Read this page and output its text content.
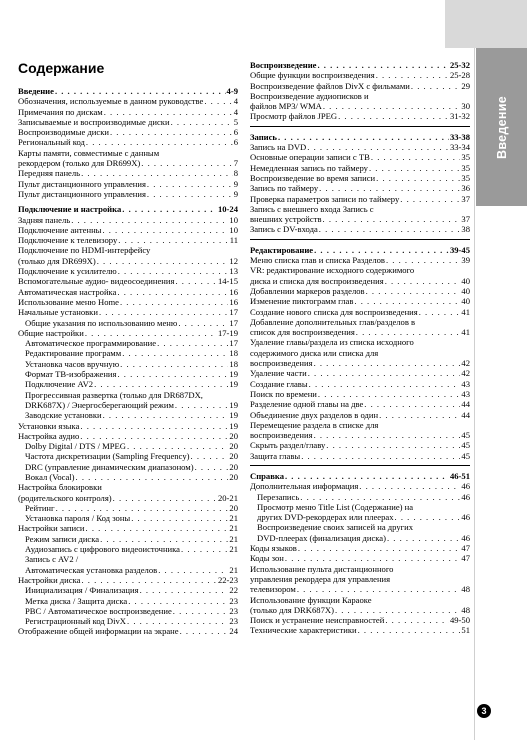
Введение
Содержание
Введение . . .	4-9
Обозначения, используемые в данном руководстве . . .	4
Примечания по дискам . . .	4
Записываемые и воспроизводимые диски . . .	5
Воспроизводимые диски . . .	6
Региональный код . . .	6
Карты памяти, совместимые с данным
рекордером (только для DR699X) . . .	7
Передняя панель . . .	8
Пульт дистанционного управления . . .	9
Пульт дистанционного управления . . .	9
Подключение и настройка . . .	10-24
Задняя панель . . .	10
Подключение антенны . . .	10
Подключение к телевизору . . .	11
Подключение по HDMI-интерфейсу
(только для DR699X) . . .	12
Подключение к усилителю . . .	13
Вспомогательные аудио- видеосоединения . . .	14-15
Автоматическая настройка . . .	16
Использование меню Home . . .	16
Начальные установки . . .	17
Общие указания по использованию меню . . .	17
Общие настройки . . .	17-19
Автоматическое программирование . . .	17
Редактирование программ . . .	18
Установка часов вручную . . .	18
Формат ТВ-изображения . . .	19
Подключение AV2 . . .	19
Прогрессивная развертка (только для DR687DX,
DRK687X) / Энергосберегающий режим . . .	19
Заводские установки . . .	19
Установки языка . . .	19
Настройка аудио . . .	20
Dolby Digital / DTS / MPEG . . .	20
Частота дискретизации (Sampling Frequency) . . .	20
DRC (управление динамическим диапазоном) . . .	20
Вокал (Vocal) . . .	20
Настройка блокировки
(родительского контроля) . . .	20-21
Рейтинг . . .	20
Установка пароля / Код зоны . . .	21
Настройки записи . . .	21
Режим записи диска . . .	21
Аудиозапись с цифрового видеоисточника . . .	21
Запись с AV2 /
Автоматическая установка разделов . . .	21
Настройки диска . . .	22-23
Инициализация / Финализация . . .	22
Метка диска / Защита диска . . .	23
PBC / Автоматическое воспроизведение . . .	23
Регистрационный код DivX . . .	23
Отображение общей информации на экране . . .	24
Воспроизведение . . .	25-32
Общие функции воспроизведения . . .	25-28
Воспроизведение файлов DivX с фильмами . . .	29
Воспроизведение аудиописков и
файлов MP3/ WMA . . .	30
Просмотр файлов JPEG . . .	31-32
Запись . . .	33-38
Запись на DVD . . .	33-34
Основные операции записи с ТВ . . .	35
Немедленная запись по таймеру . . .	35
Воспроизведение во время записи . . .	35
Запись по таймеру . . .	36
Проверка параметров записи по таймеру . . .	37
Запись с внешнего входа Запись с
внешних устройств . . .	37
Запись с DV-входа . . .	38
Редактирование . . .	39-45
Меню списка глав и списка Разделов . . .	39
VR: редактирование исходного содержимого
диска и списка для воспроизведения . . .	40
Добавлении маркеров разделов . . .	40
Изменение пиктограмм глав . . .	40
Создание нового списка для воспроизведения . . .	41
Добавление дополнительных глав/разделов в
список для воспроизведения . . .	41
Удаление главы/раздела из списка исходного
содержимого диска или списка для
воспроизведения . . .	42
Удаление части . . .	42
Создание главы . . .	43
Поиск по времени . . .	43
Разделение одной главы на две . . .	44
Объединение двух разделов в один . . .	44
Перемещение раздела в списке для
воспроизведения . . .	45
Скрыть раздел/главу . . .	45
Защита главы . . .	45
Справка . . .	46-51
Дополнительная информация . . .	46
Перезапись . . .	46
Просмотр меню Title List (Содержание) на
других DVD-рекордерах или плеерах . . .	46
Воспроизведение своих записей на других
DVD-плеерах (финализация диска) . . .	46
Коды языков . . .	47
Коды зон . . .	47
Использование пульта дистанционного
управления рекордера для управления
телевизором . . .	48
Использование функции Караоке
(только для DRK687X) . . .	48
Поиск и устранение неисправностей . . .	49-50
Технические характеристики . . .	51
3
